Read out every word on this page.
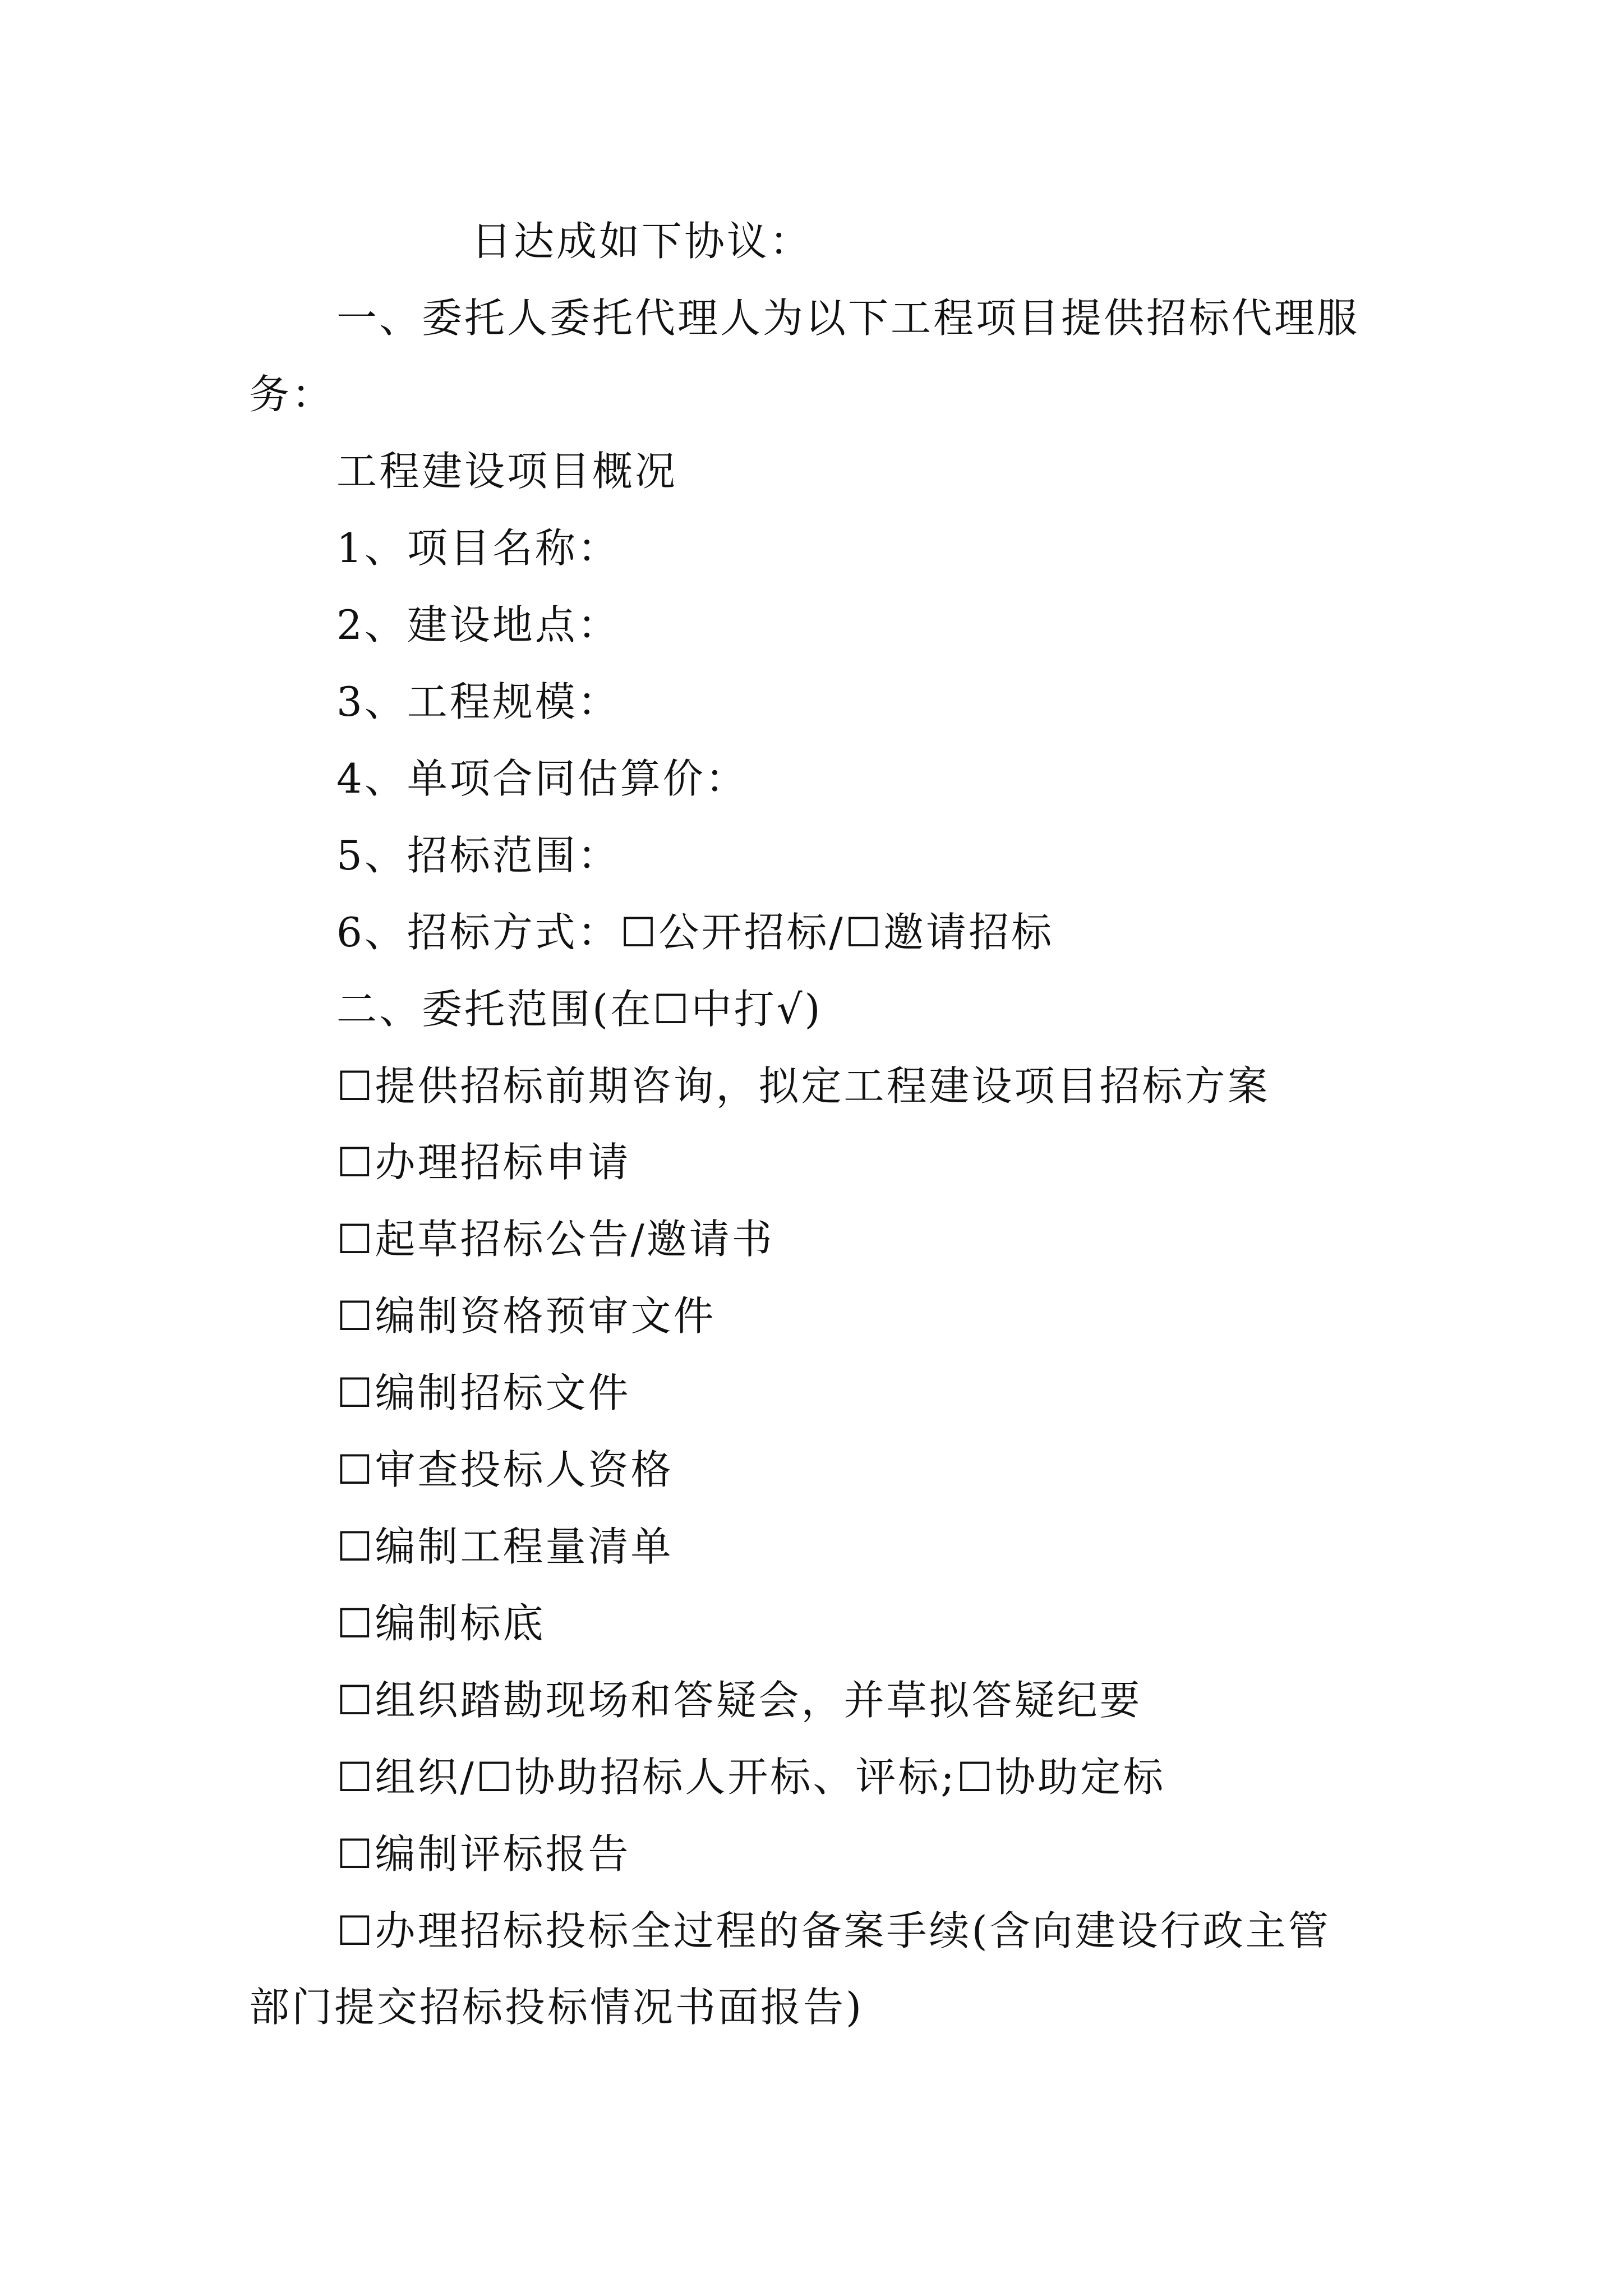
日达成如下协议：
一、委托人委托代理人为以下工程项目提供招标代理服
务：
工程建设项目概况
1、项目名称：
2、建设地点：
3、工程规模：
4、单项合同估算价：
5、招标范围：
6、招标方式：☐公开招标/☐邀请招标
二、委托范围(在☐中打√)
☐提供招标前期咨询，拟定工程建设项目招标方案
☐办理招标申请
☐起草招标公告/邀请书
☐编制资格预审文件
☐编制招标文件
☐审查投标人资格
☐编制工程量清单
☐编制标底
☐组织踏勘现场和答疑会，并草拟答疑纪要
☐组织/☐协助招标人开标、评标;☐协助定标
☐编制评标报告
☐办理招标投标全过程的备案手续(含向建设行政主管
部门提交招标投标情况书面报告)
